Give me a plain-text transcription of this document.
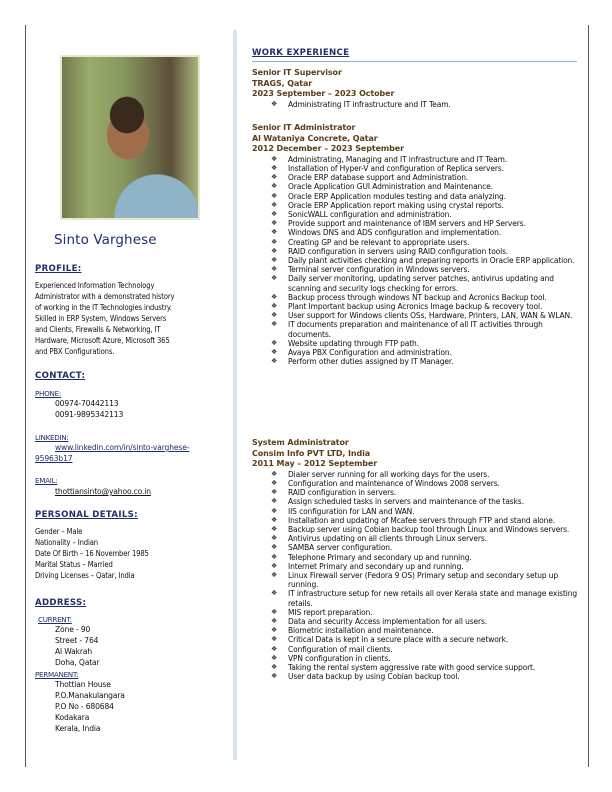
Sinto Varghese
PROFILE:
Experienced Information Technology
Administrator with a demonstrated history
of working in the IT Technologies industry.
Skilled in ERP System, Windows Servers
and Clients, Firewalls & Networking, IT
Hardware, Microsoft Azure, Microsoft 365
and PBX Configurations.
CONTACT:
PHONE:
00974-70442113
0091-9895342113
LINKEDIN:
www.linkedin.com/in/sinto-varghese-
95963b17
EMAIL:
thottiansinto@yahoo.co.in
PERSONAL DETAILS:
Gender – Male
Nationality – Indian
Date Of Birth – 16 November 1985
Marital Status – Married
Driving Licenses – Qatar, India
ADDRESS:
CURRENT:
Zone - 90
Street - 764
Al Wakrah
Doha, Qatar
PERMANENT:
Thottian House
P.O.Manakulangara
P.O No - 680684
Kodakara
Kerala, India
WORK EXPERIENCE
Senior IT Supervisor
TRAGS, Qatar
2023 September – 2023 October
❖ Administrating IT infrastructure and IT Team.
Senior IT Administrator
Al Wataniya Concrete, Qatar
2012 December – 2023 September
❖ Administrating, Managing and IT infrastructure and IT Team.
❖ Installation of Hyper-V and configuration of Replica servers.
❖ Oracle ERP database support and Administration.
❖ Oracle Application GUI Administration and Maintenance.
❖ Oracle ERP Application modules testing and data analyzing.
❖ Oracle ERP Application report making using crystal reports.
❖ SonicWALL configuration and administration.
❖ Provide support and maintenance of IBM servers and HP Servers.
❖ Windows DNS and ADS configuration and implementation.
❖ Creating GP and be relevant to appropriate users.
❖ RAID configuration in servers using RAID configuration tools.
❖ Daily plant activities checking and preparing reports in Oracle ERP application.
❖ Terminal server configuration in Windows servers.
❖ Daily server monitoring, updating server patches, antivirus updating and scanning and security logs checking for errors.
❖ Backup process through windows NT backup and Acronics Backup tool.
❖ Plant Important backup using Acronics Image backup & recovery tool.
❖ User support for Windows clients OSs, Hardware, Printers, LAN, WAN & WLAN.
❖ IT documents preparation and maintenance of all IT activities through documents.
❖ Website updating through FTP path.
❖ Avaya PBX Configuration and administration.
❖ Perform other duties assigned by IT Manager.
System Administrator
Consim Info PVT LTD, India
2011 May – 2012 September
❖ Dialer server running for all working days for the users.
❖ Configuration and maintenance of Windows 2008 servers.
❖ RAID configuration in servers.
❖ Assign scheduled tasks in servers and maintenance of the tasks.
❖ IIS configuration for LAN and WAN.
❖ Installation and updating of Mcafee servers through FTP and stand alone.
❖ Backup server using Cobian backup tool through Linux and Windows servers.
❖ Antivirus updating on all clients through Linux servers.
❖ SAMBA server configuration.
❖ Telephone Primary and secondary up and running.
❖ Internet Primary and secondary up and running.
❖ Linux Firewall server (Fedora 9 OS) Primary setup and secondary setup up running.
❖ IT infrastructure setup for new retails all over Kerala state and manage existing retails.
❖ MIS report preparation.
❖ Data and security Access implementation for all users.
❖ Biometric installation and maintenance.
❖ Critical Data is kept in a secure place with a secure network.
❖ Configuration of mail clients.
❖ VPN configuration in clients.
❖ Taking the rental system aggressive rate with good service support.
❖ User data backup by using Cobian backup tool.
